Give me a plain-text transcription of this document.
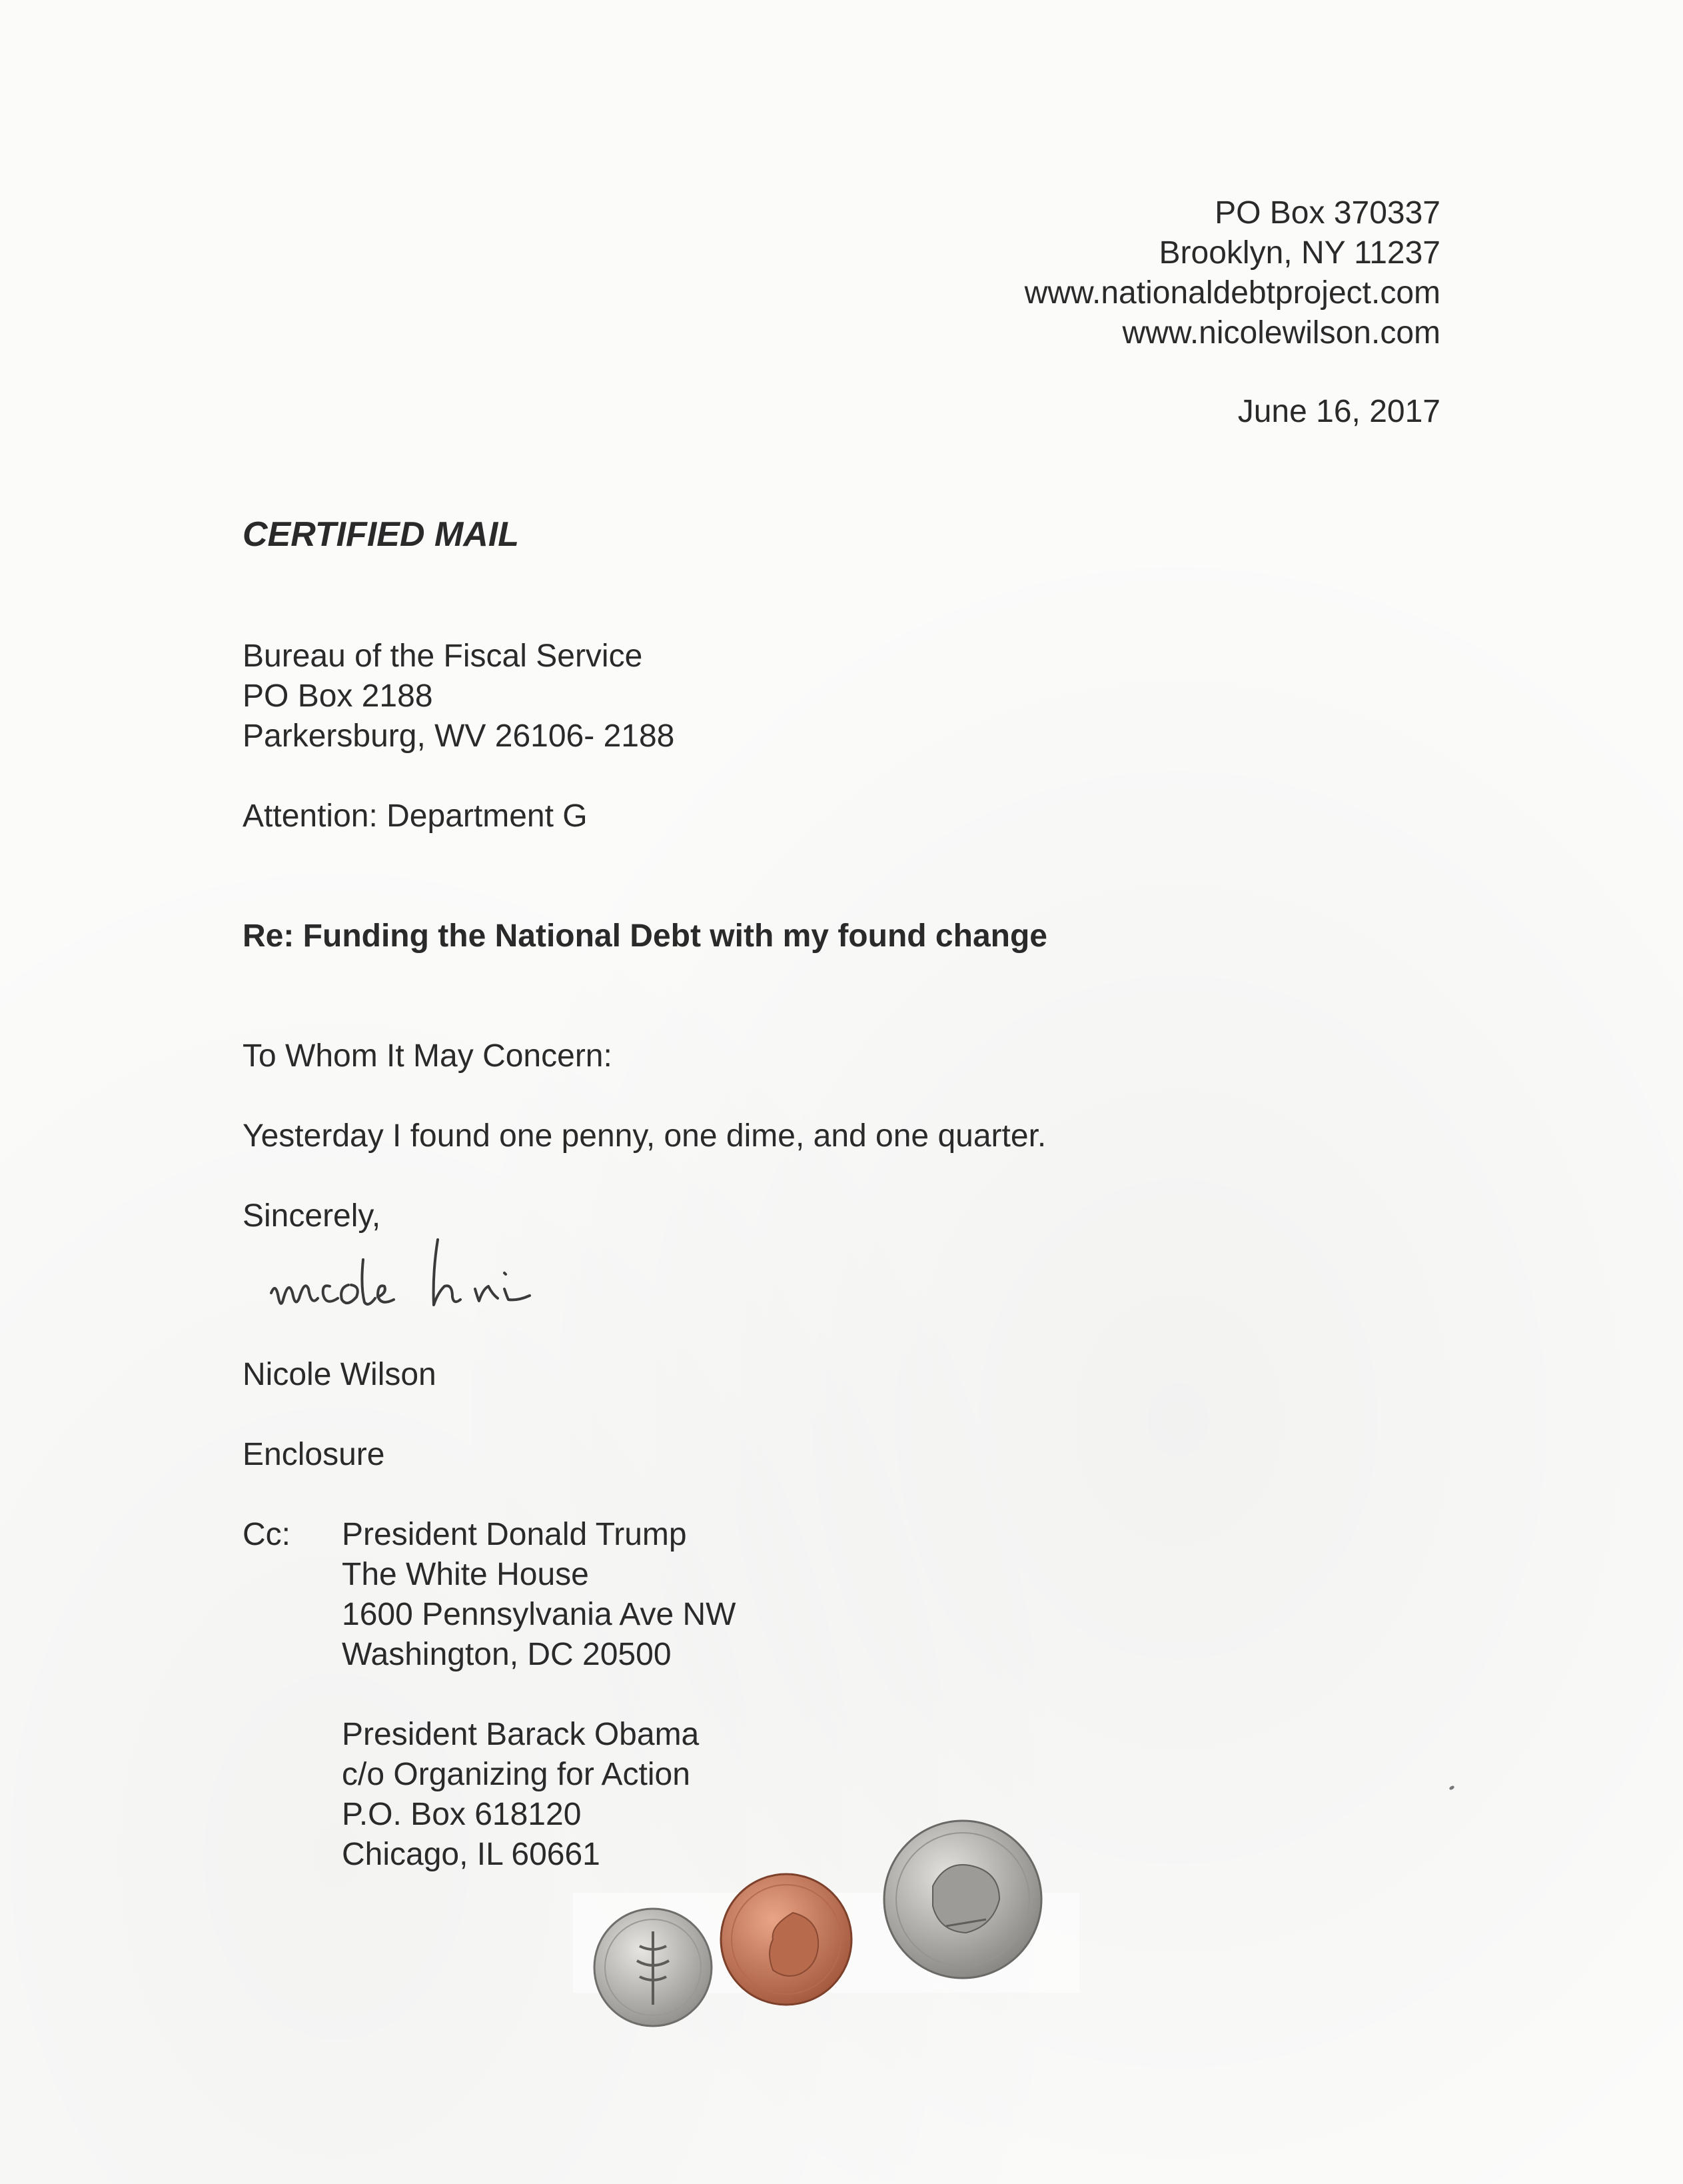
PO Box 370337
Brooklyn, NY 11237
www.nationaldebtproject.com
www.nicolewilson.com
June 16, 2017
CERTIFIED MAIL
Bureau of the Fiscal Service
PO Box 2188
Parkersburg, WV 26106- 2188
Attention: Department G
Re: Funding the National Debt with my found change
To Whom It May Concern:
Yesterday I found one penny, one dime, and one quarter.
Sincerely,
Nicole Wilson
Enclosure
Cc: President Donald Trump
The White House
1600 Pennsylvania Ave NW
Washington, DC 20500
President Barack Obama
c/o Organizing for Action
P.O. Box 618120
Chicago, IL 60661
